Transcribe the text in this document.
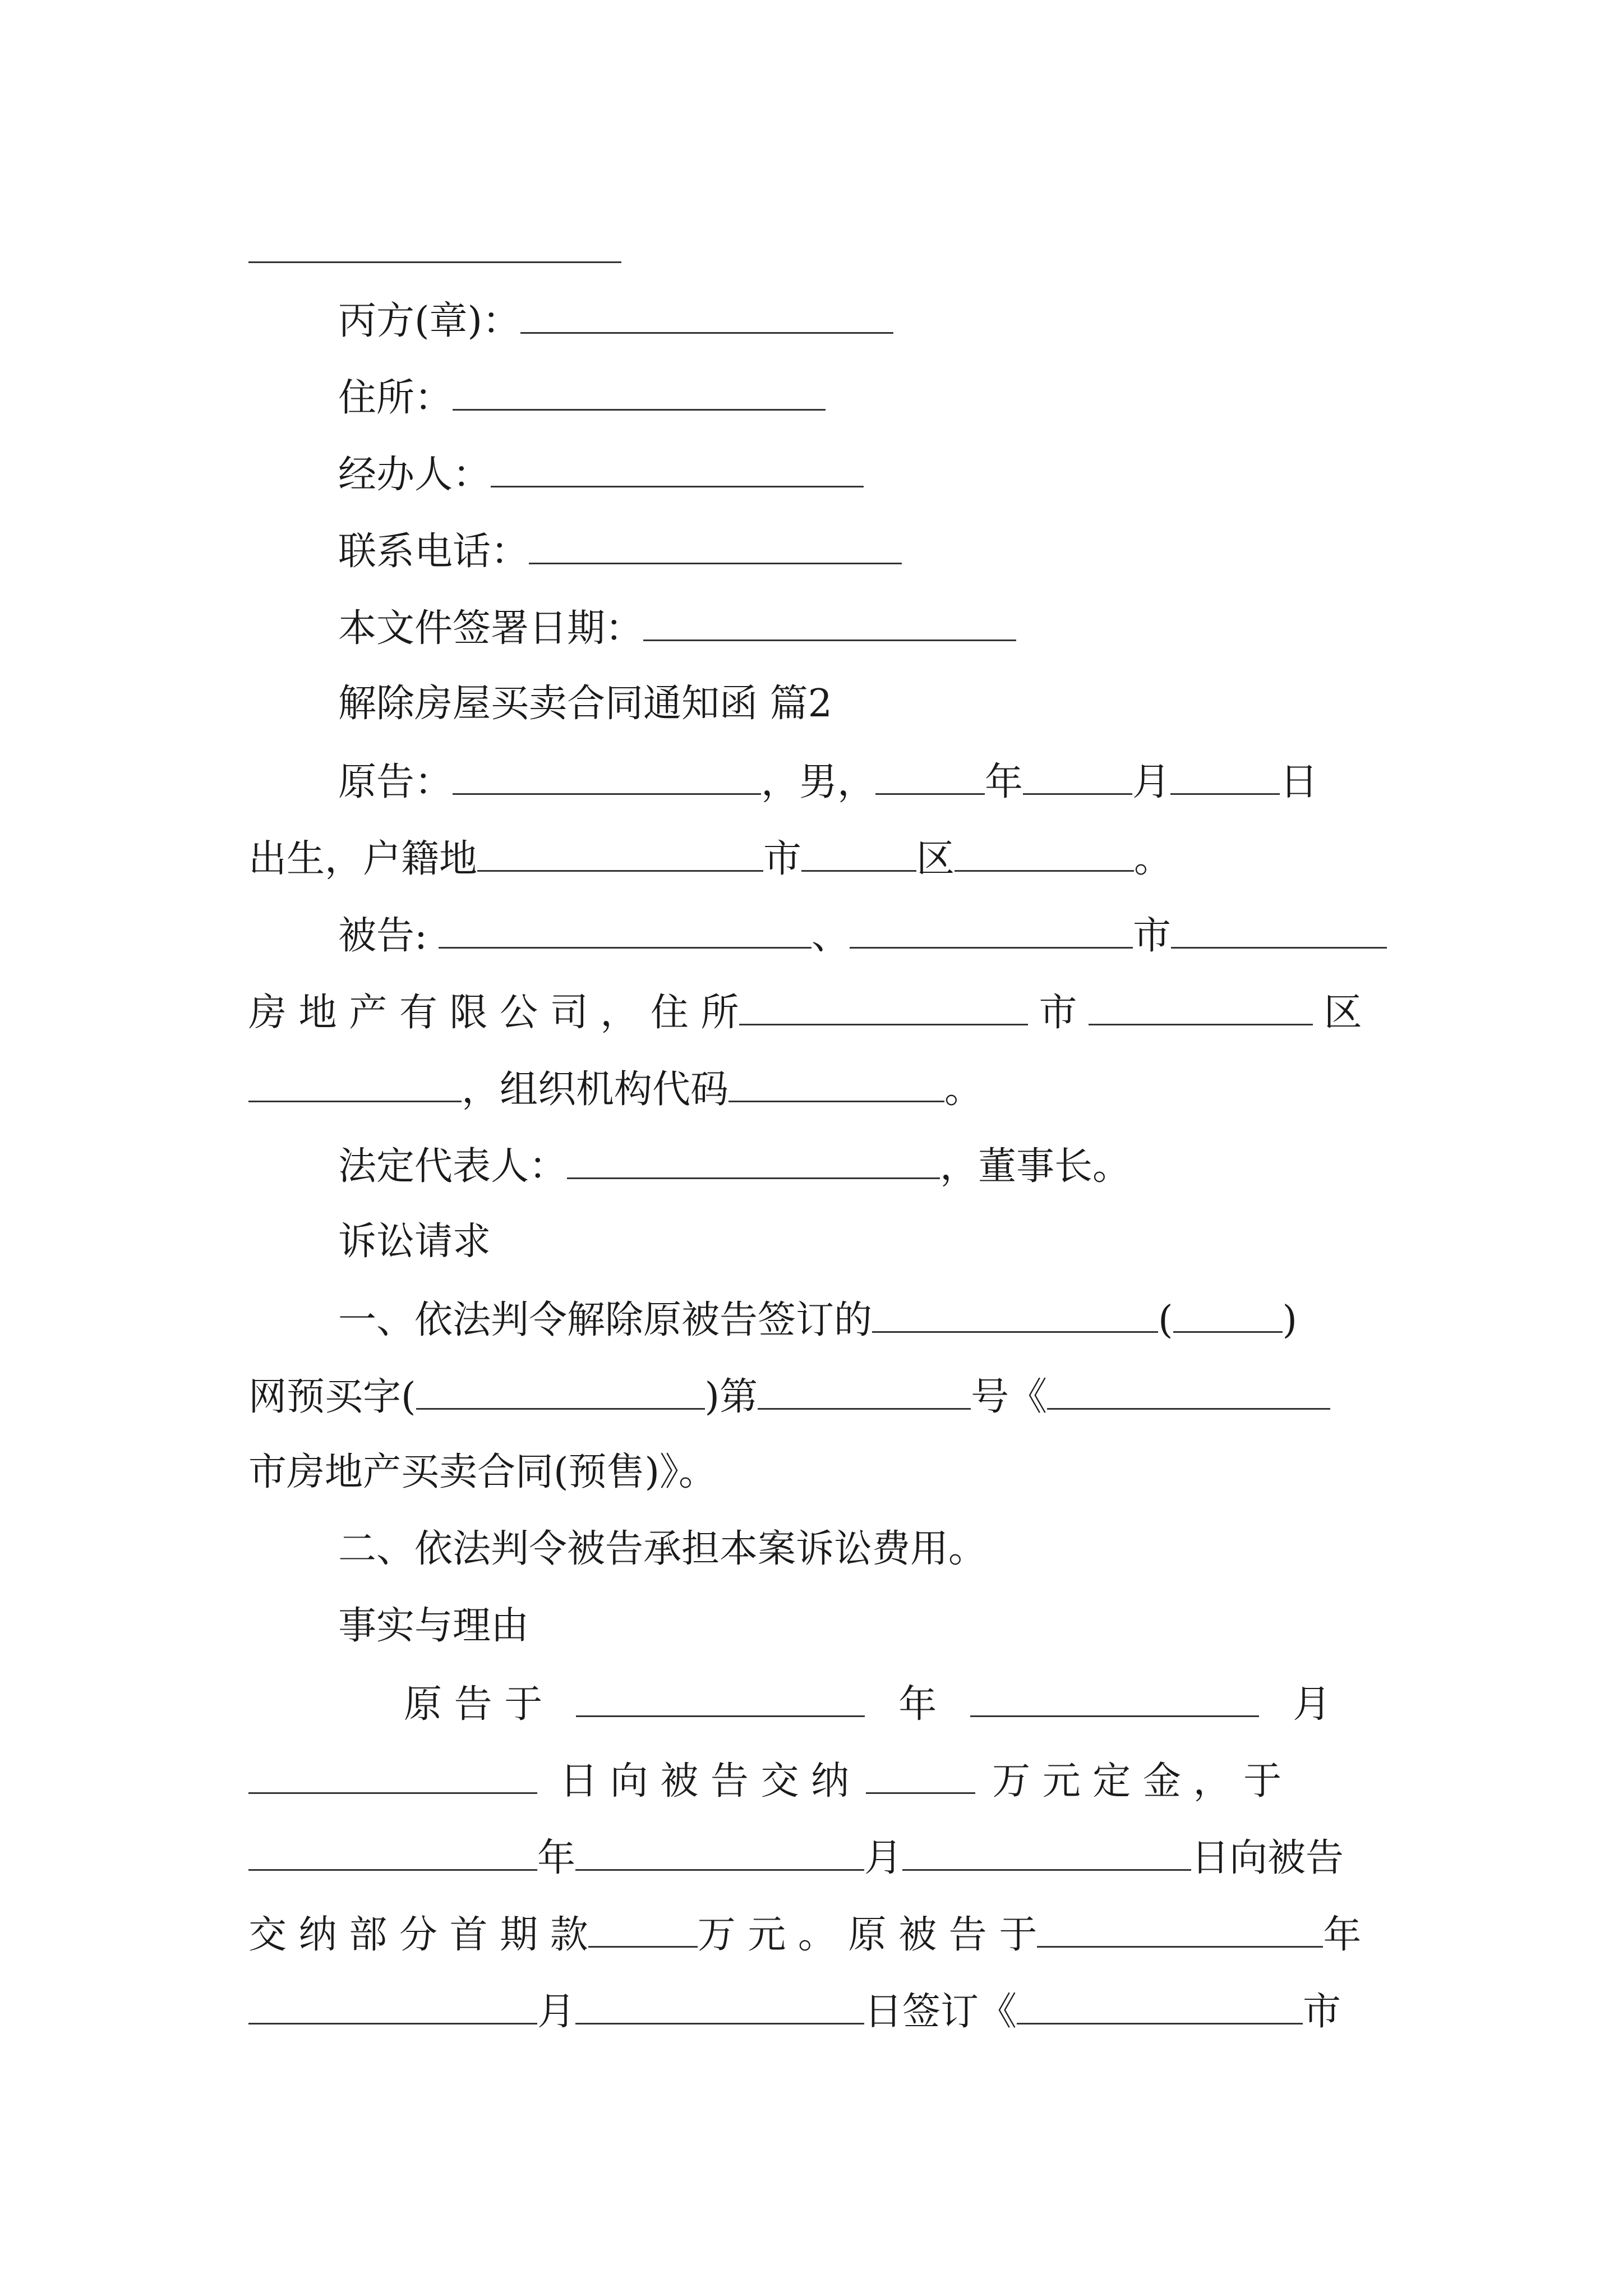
丙方(章)：
住所：
经办人：
联系电话：
本文件签署日期：
解除房屋买卖合同通知函 篇2
原告：	，男，	年	月	日
出生，户籍地	市	区	。
被告:	、	市
房 地 产 有 限 公 司 ， 住 所	市	区
，组织机构代码	。
法定代表人：	，董事长。
诉讼请求
一、依法判令解除原被告签订的	(	)
网预买字(	)第	号《
市房地产买卖合同(预售)》。
二、依法判令被告承担本案诉讼费用。
事实与理由
原 告 于	年	月
日 向 被 告 交 纳	万 元 定 金 ， 于
年	月	日向被告
交 纳 部 分 首 期 款	万 元 。 原 被 告 于	年
月	日签订《	市
